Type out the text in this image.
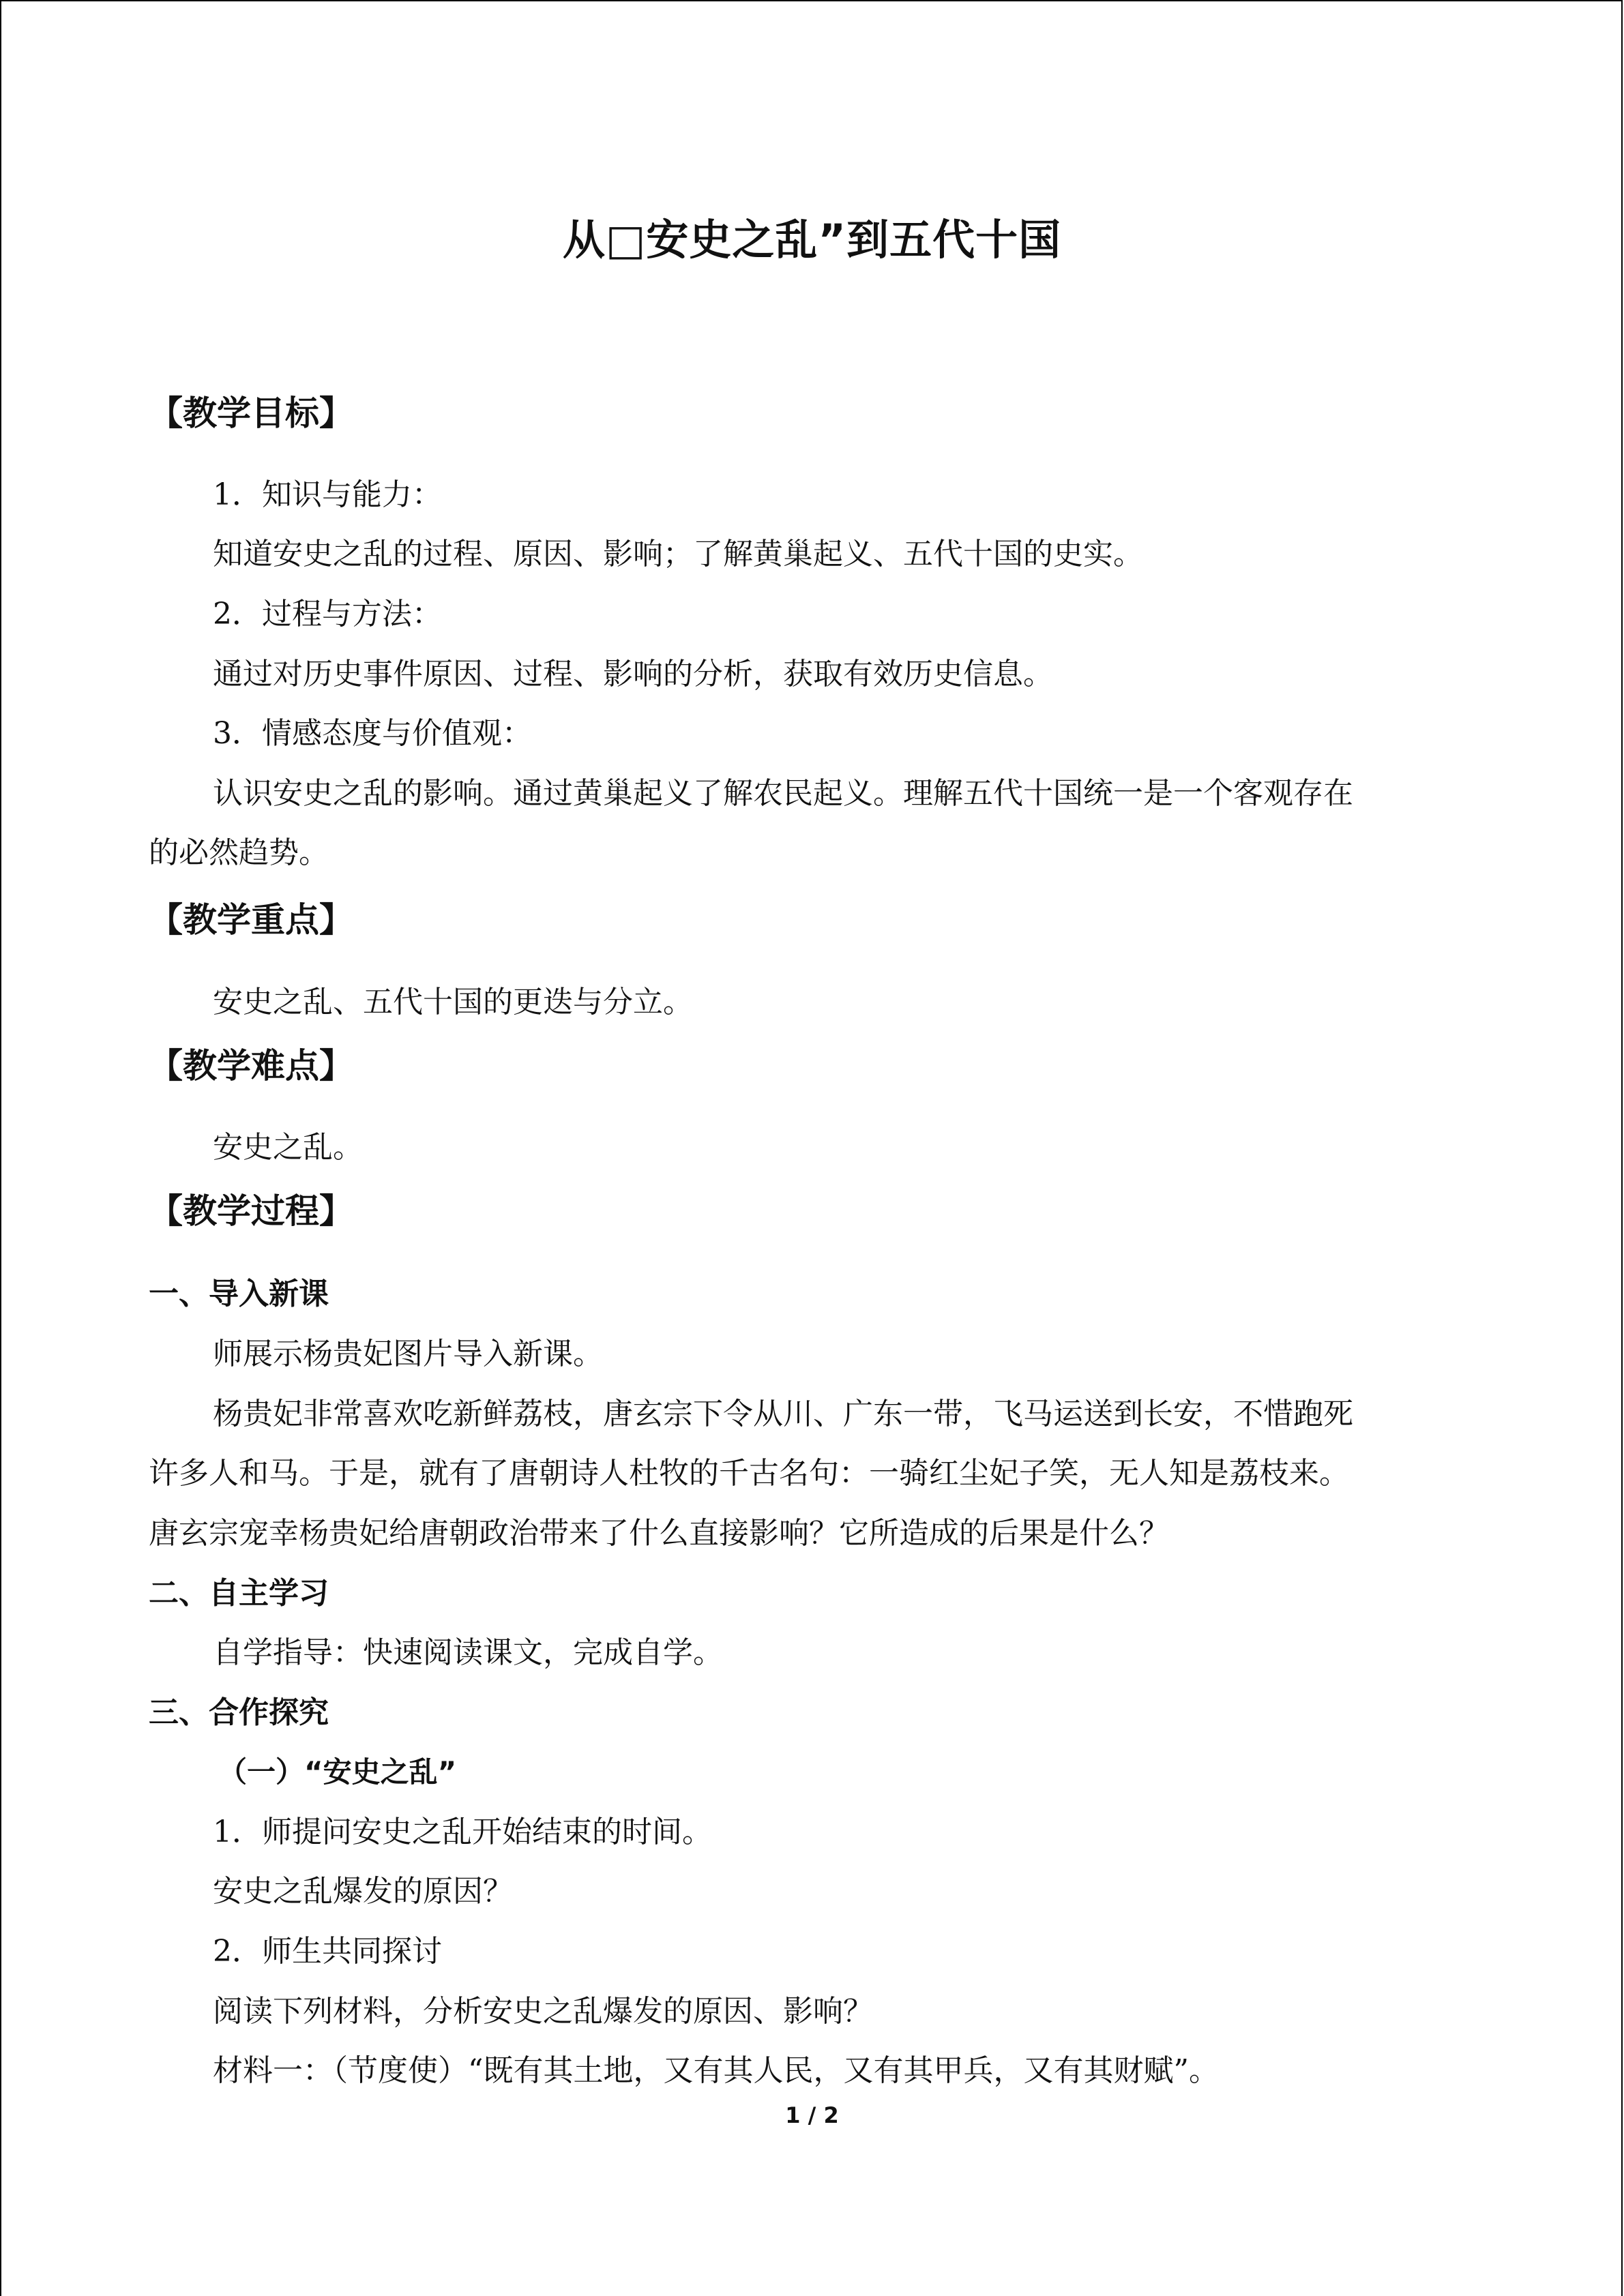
从□安史之乱”到五代十国
【教学目标】
1．知识与能力：
知道安史之乱的过程、原因、影响；了解黄巢起义、五代十国的史实。
2．过程与方法：
通过对历史事件原因、过程、影响的分析，获取有效历史信息。
3．情感态度与价值观：
认识安史之乱的影响。通过黄巢起义了解农民起义。理解五代十国统一是一个客观存在
的必然趋势。
【教学重点】
安史之乱、五代十国的更迭与分立。
【教学难点】
安史之乱。
【教学过程】
一、导入新课
师展示杨贵妃图片导入新课。
杨贵妃非常喜欢吃新鲜荔枝，唐玄宗下令从川、广东一带，飞马运送到长安，不惜跑死
许多人和马。于是，就有了唐朝诗人杜牧的千古名句：一骑红尘妃子笑，无人知是荔枝来。
唐玄宗宠幸杨贵妃给唐朝政治带来了什么直接影响？它所造成的后果是什么？
二、自主学习
自学指导：快速阅读课文，完成自学。
三、合作探究
（一）“安史之乱”
1．师提问安史之乱开始结束的时间。
安史之乱爆发的原因？
2．师生共同探讨
阅读下列材料，分析安史之乱爆发的原因、影响？
材料一：（节度使）“既有其土地，又有其人民，又有其甲兵，又有其财赋”。
1 / 2
